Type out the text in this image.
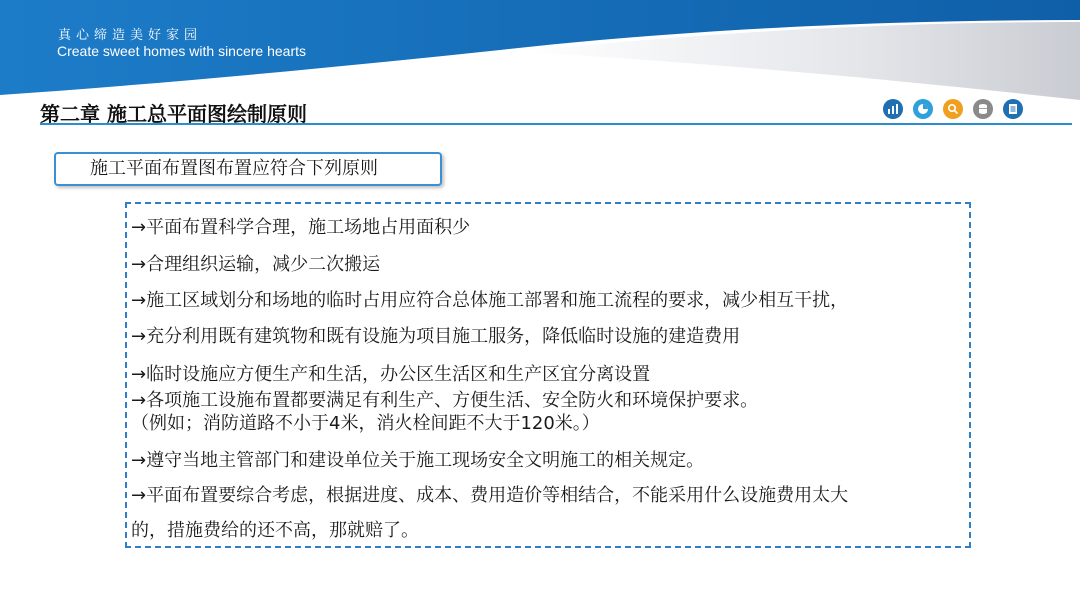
真心缔造美好家园
Create sweet homes with sincere hearts
第二章 施工总平面图绘制原则
施工平面布置图布置应符合下列原则
→平面布置科学合理，施工场地占用面积少
→合理组织运输，减少二次搬运
→施工区域划分和场地的临时占用应符合总体施工部署和施工流程的要求，减少相互干扰，
→充分利用既有建筑物和既有设施为项目施工服务，降低临时设施的建造费用
→临时设施应方便生产和生活，办公区生活区和生产区宜分离设置
→各项施工设施布置都要满足有利生产、方便生活、安全防火和环境保护要求。
（例如；消防道路不小于4米，消火栓间距不大于120米。）
→遵守当地主管部门和建设单位关于施工现场安全文明施工的相关规定。
→平面布置要综合考虑，根据进度、成本、费用造价等相结合，不能采用什么设施费用太大
的，措施费给的还不高，那就赔了。
